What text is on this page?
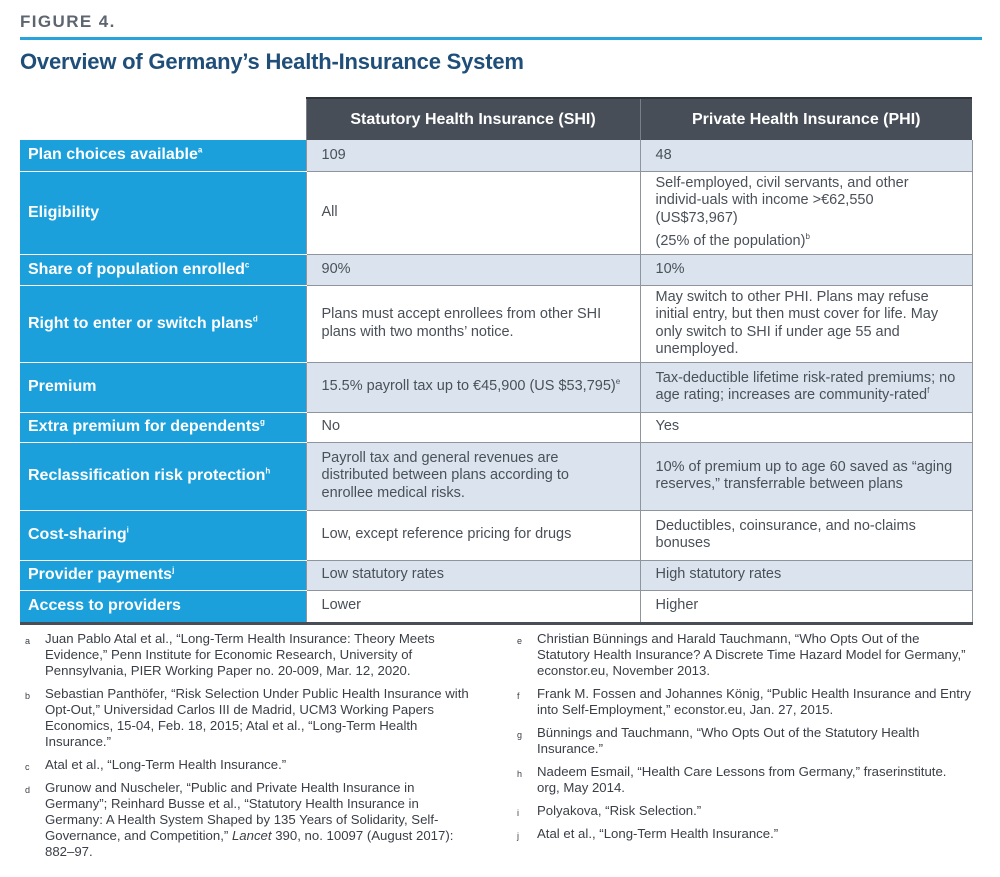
FIGURE 4.
Overview of Germany’s Health-Insurance System
	Statutory Health Insurance (SHI)	Private Health Insurance (PHI)
Plan choices available$^a$	109	48
Eligibility	All	Self-employed, civil servants, and other individ-uals with income >€62,550 (US$73,967)
(25% of the population)$^b$

Share of population enrolled$^c$	90%	10%
Right to enter or switch plans$^d$	Plans must accept enrollees from other SHI plans with two months’ notice.	May switch to other PHI. Plans may refuse initial entry, but then must cover for life. May only switch to SHI if under age 55 and unemployed.
Premium	15.5% payroll tax up to €45,900 (US $53,795)$^e$	Tax-deductible lifetime risk-rated premiums; no age rating; increases are community-rated$^f$
Extra premium for dependents$^g$	No	Yes
Reclassification risk protection$^h$	Payroll tax and general revenues are distributed between plans according to enrollee medical risks.	10% of premium up to age 60 saved as “aging reserves,” transferrable between plans
Cost-sharing$^i$	Low, except reference pricing for drugs	Deductibles, coinsurance, and no-claims bonuses
Provider payments$^j$	Low statutory rates	High statutory rates
Access to providers	Lower	Higher
a Juan Pablo Atal et al., “Long-Term Health Insurance: Theory Meets Evidence,” Penn Institute for Economic Research, University of Pennsylvania, PIER Working Paper no. 20-009, Mar. 12, 2020.
b Sebastian Panthöfer, “Risk Selection Under Public Health Insurance with Opt-Out,” Universidad Carlos III de Madrid, UCM3 Working Papers Economics, 15-04, Feb. 18, 2015; Atal et al., “Long-Term Health Insurance.”
c Atal et al., “Long-Term Health Insurance.”
d Grunow and Nuscheler, “Public and Private Health Insurance in Germany”; Reinhard Busse et al., “Statutory Health Insurance in Germany: A Health System Shaped by 135 Years of Solidarity, Self-Governance, and Competition,” Lancet 390, no. 10097 (August 2017): 882–97.
e Christian Bünnings and Harald Tauchmann, “Who Opts Out of the Statutory Health Insurance? A Discrete Time Hazard Model for Germany,” econstor.eu, November 2013.
f Frank M. Fossen and Johannes König, “Public Health Insurance and Entry into Self-Employment,” econstor.eu, Jan. 27, 2015.
g Bünnings and Tauchmann, “Who Opts Out of the Statutory Health Insurance.”
h Nadeem Esmail, “Health Care Lessons from Germany,” fraserinstitute. org, May 2014.
i Polyakova, “Risk Selection.”
j Atal et al., “Long-Term Health Insurance.”
